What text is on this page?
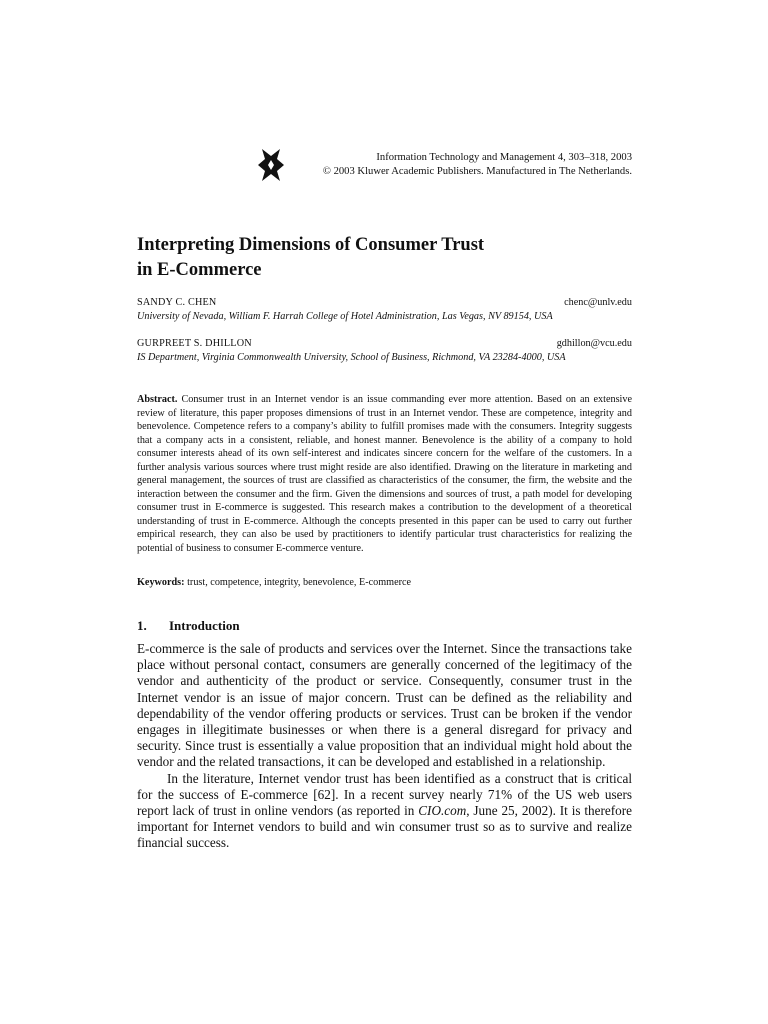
Information Technology and Management 4, 303–318, 2003
© 2003 Kluwer Academic Publishers. Manufactured in The Netherlands.
Interpreting Dimensions of Consumer Trust
in E-Commerce
SANDY C. CHEN	chenc@unlv.edu
University of Nevada, William F. Harrah College of Hotel Administration, Las Vegas, NV 89154, USA
GURPREET S. DHILLON	gdhillon@vcu.edu
IS Department, Virginia Commonwealth University, School of Business, Richmond, VA 23284-4000, USA

Abstract. Consumer trust in an Internet vendor is an issue commanding ever more attention. Based on an extensive review of literature, this paper proposes dimensions of trust in an Internet vendor. These are competence, integrity and benevolence. Competence refers to a company’s ability to fulfill promises made with the consumers. Integrity suggests that a company acts in a consistent, reliable, and honest manner. Benevolence is the ability of a company to hold consumer interests ahead of its own self-interest and indicates sincere concern for the welfare of the customers. In a further analysis various sources where trust might reside are also identified. Drawing on the literature in marketing and general management, the sources of trust are classified as characteristics of the consumer, the firm, the website and the interaction between the consumer and the firm. Given the dimensions and sources of trust, a path model for developing consumer trust in E-commerce is suggested. This research makes a contribution to the development of a theoretical understanding of trust in E-commerce. Although the concepts presented in this paper can be used to carry out further empirical research, they can also be used by practitioners to identify particular trust characteristics for realizing the potential of business to consumer E-commerce venture.

Keywords: trust, competence, integrity, benevolence, E-commerce

1. Introduction

E-commerce is the sale of products and services over the Internet. Since the transactions take place without personal contact, consumers are generally concerned of the legitimacy of the vendor and authenticity of the product or service. Consequently, consumer trust in the Internet vendor is an issue of major concern. Trust can be defined as the reliability and dependability of the vendor offering products or services. Trust can be broken if the vendor engages in illegitimate businesses or when there is a general disregard for privacy and security. Since trust is essentially a value proposition that an individual might hold about the vendor and the related transactions, it can be developed and established in a relationship.

In the literature, Internet vendor trust has been identified as a construct that is critical for the success of E-commerce [62]. In a recent survey nearly 71% of the US web users report lack of trust in online vendors (as reported in CIO.com, June 25, 2002). It is therefore important for Internet vendors to build and win consumer trust so as to survive and realize financial success.
